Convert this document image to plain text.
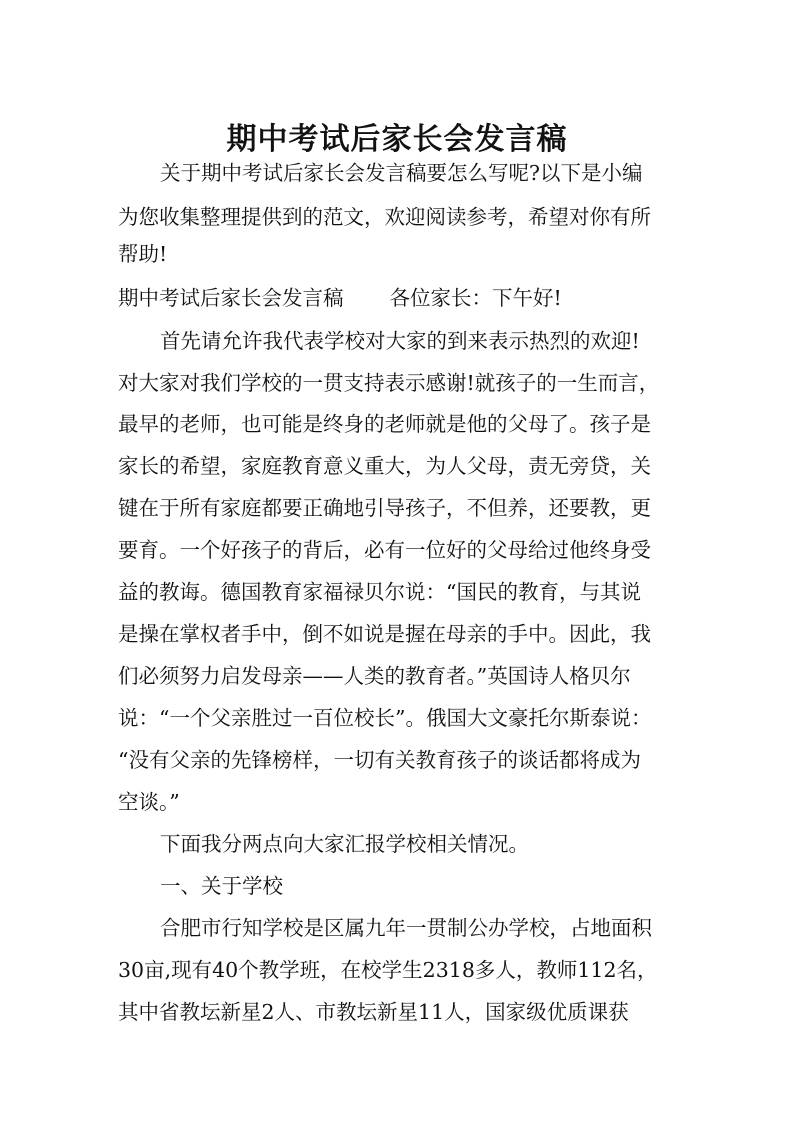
期中考试后家长会发言稿

关于期中考试后家长会发言稿要怎么写呢?以下是小编

为您收集整理提供到的范文，欢迎阅读参考，希望对你有所

帮助!

期中考试后家长会发言稿 各位家长：下午好!

首先请允许我代表学校对大家的到来表示热烈的欢迎!

对大家对我们学校的一贯支持表示感谢!就孩子的一生而言，

最早的老师，也可能是终身的老师就是他的父母了。孩子是

家长的希望，家庭教育意义重大，为人父母，责无旁贷，关

键在于所有家庭都要正确地引导孩子，不但养，还要教，更

要育。一个好孩子的背后，必有一位好的父母给过他终身受

益的教诲。德国教育家福禄贝尔说：“国民的教育，与其说

是操在掌权者手中，倒不如说是握在母亲的手中。因此，我

们必须努力启发母亲——人类的教育者。”英国诗人格贝尔

说：“一个父亲胜过一百位校长”。俄国大文豪托尔斯泰说：

“没有父亲的先锋榜样，一切有关教育孩子的谈话都将成为

空谈。”

下面我分两点向大家汇报学校相关情况。

一、关于学校

合肥市行知学校是区属九年一贯制公办学校，占地面积

30亩,现有40个教学班，在校学生2318多人，教师112名，

其中省教坛新星2人、市教坛新星11人，国家级优质课获
